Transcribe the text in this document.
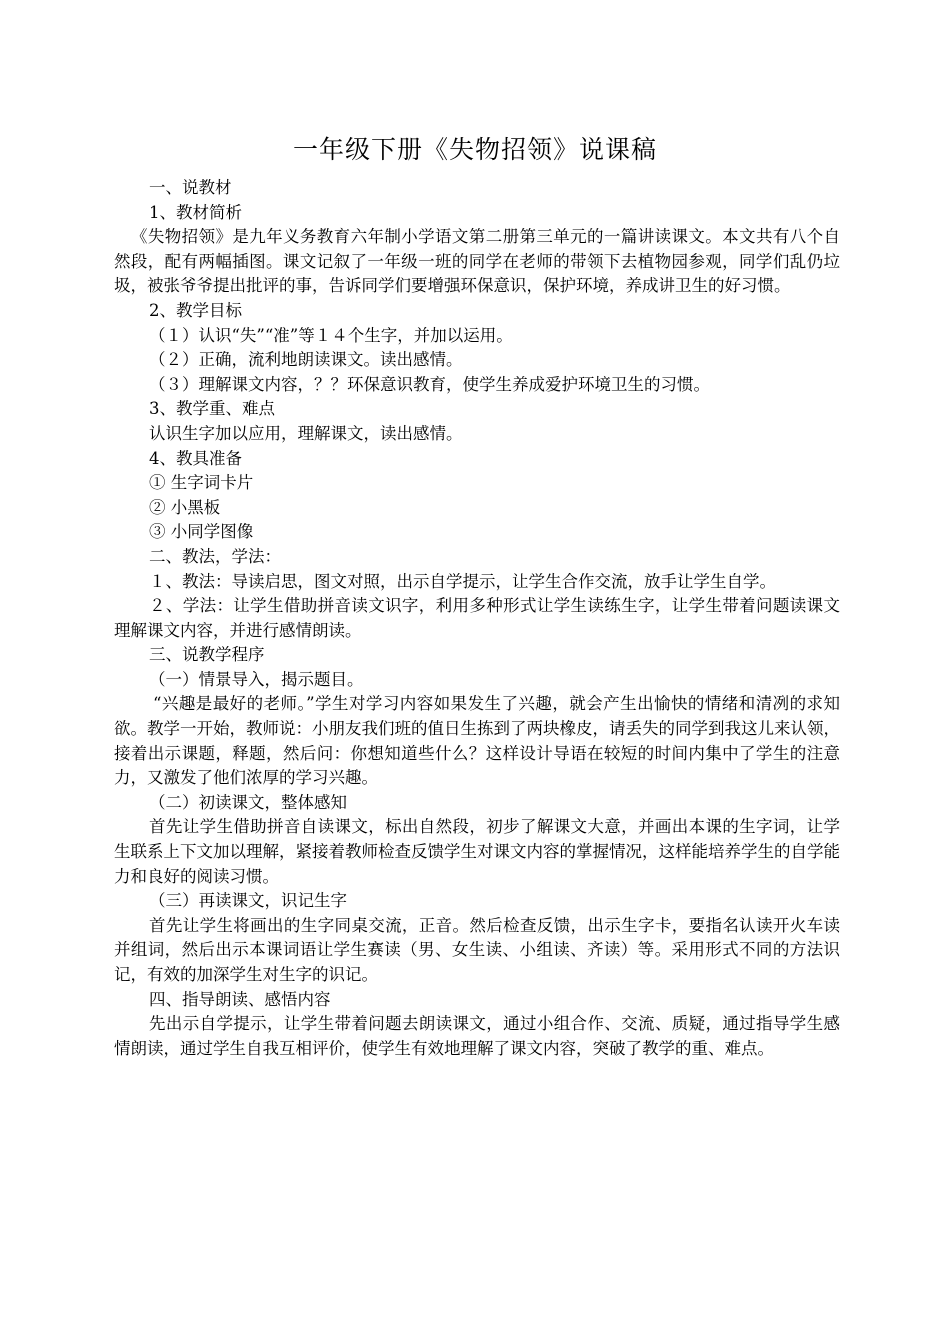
一年级下册《失物招领》说课稿

一、说教材

1、教材简析

《失物招领》是九年义务教育六年制小学语文第二册第三单元的一篇讲读课文。本文共有八个自然段，配有两幅插图。课文记叙了一年级一班的同学在老师的带领下去植物园参观，同学们乱仍垃圾，被张爷爷提出批评的事，告诉同学们要增强环保意识，保护环境，养成讲卫生的好习惯。

2、教学目标

（１）认识“失”“准”等１４个生字，并加以运用。

（２）正确，流利地朗读课文。读出感情。

（３）理解课文内容，？？环保意识教育，使学生养成爱护环境卫生的习惯。

3、教学重、难点

认识生字加以应用，理解课文，读出感情。

4、教具准备

① 生字词卡片

② 小黑板

③ 小同学图像

二、教法，学法：

１、教法：导读启思，图文对照，出示自学提示，让学生合作交流，放手让学生自学。

２、学法：让学生借助拼音读文识字，利用多种形式让学生读练生字，让学生带着问题读课文理解课文内容，并进行感情朗读。

三、说教学程序

（一）情景导入，揭示题目。

“兴趣是最好的老师。”学生对学习内容如果发生了兴趣，就会产生出愉快的情绪和清冽的求知欲。教学一开始，教师说：小朋友我们班的值日生拣到了两块橡皮，请丢失的同学到我这儿来认领，接着出示课题，释题，然后问：你想知道些什么？这样设计导语在较短的时间内集中了学生的注意力，又激发了他们浓厚的学习兴趣。

（二）初读课文，整体感知

首先让学生借助拼音自读课文，标出自然段，初步了解课文大意，并画出本课的生字词，让学生联系上下文加以理解，紧接着教师检查反馈学生对课文内容的掌握情况，这样能培养学生的自学能力和良好的阅读习惯。

（三）再读课文，识记生字

首先让学生将画出的生字同桌交流，正音。然后检查反馈，出示生字卡，要指名认读开火车读并组词，然后出示本课词语让学生赛读（男、女生读、小组读、齐读）等。采用形式不同的方法识记，有效的加深学生对生字的识记。

四、指导朗读、感悟内容

先出示自学提示，让学生带着问题去朗读课文，通过小组合作、交流、质疑，通过指导学生感情朗读，通过学生自我互相评价，使学生有效地理解了课文内容，突破了教学的重、难点。
